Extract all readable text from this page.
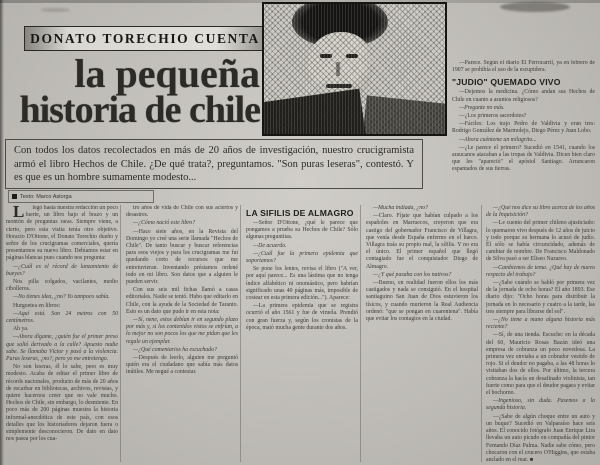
DONATO TORECHIO CUENTA
la pequeña
historia de chile

—Parece. Según el diario El Ferrocarril, ya en febrero de 1907 se prohibía el uso de la escupidera.

"JUDIO" QUEMADO VIVO

—Dejemos la medicina. ¿Cómo andan sus Hechos de Chile en cuanto a asuntos religiosos?

—Pregunte no más.

—¿Los primeros sacerdotes?

—Fáciles: Los trajo Pedro de Valdivia y eran tres: Rodrigo González de Marmolejo, Diego Pérez y Juan Lobo.

—Ahora cuénteme un milagrito...

—¿Le parece el primero? Sucedió en 1541, cuando los araucanos atacaban a las tropas de Valdivia. Dicen bien claro que les "apareció" el apóstol Santiago. Arrancaron espantados de sus tierras.

Con todos los datos recolectados en más de 20 años de investigación, nuestro crucigramista armó el libro Hechos de Chile. ¿De qué trata?, preguntamos. "Son puras leseras", contestó. Y es que es un hombre sumamente modesto...
Texto: Marco Astorga

L legó hasta nuestra redacción un poco fuerte, un libro bajo el brazo y un montón de preguntas raras. Siempre viene, a cierto, pero esta visita tenía otro objetivo. Horacio D'Ottone, el Donato Torechio dueño y señor de los crucigramas comerciales, quería presentarnos su nuevo libro. Debíamos estar en páginas blancas pues cuando nos pregunta:

—¿Cuál es el récord de lanzamiento de bueyes?

Nos pilla colgados, vacilantes, medio cibolleros.

—No tienes idea, ¿no? Yo tampoco sabía.

Hurguetea en libros:

—Aquí está. Son 24 metros con 50 centímetros.

Ah ya.

—Ahora dígame, ¿quién fue el primer preso que salió derivado a la calle? Apuesto nadie sabe. Se llamaba Víctor y pasó a la violencia. Puras leseras, ¿no?, pero yo me entretengo.

No son leseras, él lo sabe, pero es muy modesto. Acaba de editar el primer libro de récords nacionales, producto de más de 20 años de escarbar en bibliotecas, archivos, revistas, y quiere hacernos creer que no vale mucho. Hechos de Chile, sin embargo, lo desmiente. En poco más de 200 páginas muestra la historia informal-anecdótica de este país, con esos detalles que los historiadores dejaron fuera o simplemente desconocieron. De dato en dato nos pasea por los cua-

tro años de vida de Chile con sus aciertos y desastres.

—¿Cómo nació este libro?

—Hace siete años, en la Revista del Domingo yo creé una serie llamada "Hechos de Chile". De tanto buscar y buscar referencias para esos viejos y para los crucigramas me fui quedando corto de recursos que me entretuvieran. Inventando préstamos ordené todo en mi libro. Son datos que a alguien le pueden servir.

Con sus seis mil fichas llamó a casas editoriales. Nadie se tentó. Hubo que editarlo en Chile, con la ayuda de la Sociedad de Taranto. Esto es un dato que pudo ir en esta nota:

—Sí, nene, estos debían ir en segundo plazo por más y, si los contenidos vistos se enfrían, a lo mejor no son pocos los que me pidan que les regale un ejemplar.

—¿Qué comentarios ha escuchado?

—Después de leerlo, alguien me preguntó quién era el ciudadano que sabía más datos inútiles. Me negué a contestar.

LA SIFILIS DE ALMAGRO

—Señor D'Ottone, ¿qué le parece que pongamos a prueba su Hechos de Chile? Sólo algunas preguntitas.

—De acuerdo.

—¿Cuál fue la primera epidemia que soportamos?

Se pone los lentes, revisa el libro ("A ver, por aquí parece... Es una lástima que no tenga índice alfabético ni onomástico, pero habrían significado unas 40 páginas más, imposible de costear en esta primera edición..."). Aparece:

—La primera epidemia que se registra ocurrió el año 1561 y fue de viruela. Prendió con gran fuerza y, según los cronistas de la época, mató mucha gente durante dos años.

—Mucha indiada, ¿no?

—Claro. Fíjate que habían culpado a los españoles en Marruecos, creyeron que era castigo del gobernador Francisco de Villagra, que venía desde España enfermo en el barco. Villagra traía su propio mal, la sífilis. Y no era el único. El primer español que llegó contagiado fue el conquistador Diego de Almagro.

—¿Y qué pasaba con los nativos?

—Bueno, en realidad fueron ellos los más castigados y nada se consiguió. En el hospital santiaguino San Juan de Dios estuvieron los tísicos, y cuando murieron la Real Audiencia ordenó: "que se pongan en cuarentena". Había que evitar los contagios en la ciudad.

—¿Qué nos dice su libro acerca de los años de la Inquisición?

—Le cuento del primer chileno ajusticiado: lo quemaron vivo después de 12 años de juicio y todo porque su hermana lo acusó de judío. Él sólo se había circuncidado, además de cambiar de nombre. De Francisco Maldonado de Silva pasó a ser Eliseo Nazareo.

—Cambiemos de tema. ¿Qué hay de nuevo respecto del trabajo?

—¿Sabe cuándo se habló por primera vez de la jornada de ocho horas? El año 1893. Ese diario dijo: "Ocho horas para distribuir la jornada en lo necesario y cuatro a la tarde, las tres siempre para librarse del sol".

—¿No tiene a mano alguna historia más reciente?

—Sí, de una tienda. Escuche: en la década del 60, Mauricio Rosas Bazán ideó una empresa de cobranza un poco novedosa. La primera vez enviaba a un cobrador vestido de rojo. Si el deudor no pagaba, a las 48 horas lo visitaban dos de ellos. Por último, la tercera cobranza la hacía un desafinado violinista, tan fuerte como para que el deudor pagara y evitar el bochorno.

—Ingenioso, sin duda. Pasemos a la segunda historia.

—¿Sabe de algún choque entre un auto y un buque? Sucedió en Valparaíso hace seis años. El conocido fotógrafo Juan Enrique Lira llevaba un auto picudo en compañía del pintor Fernando Díaz Palma. Nadie sabe cómo, pero chocaron con el crucero O'Higgins, que estaba anclado en el mar. ■
